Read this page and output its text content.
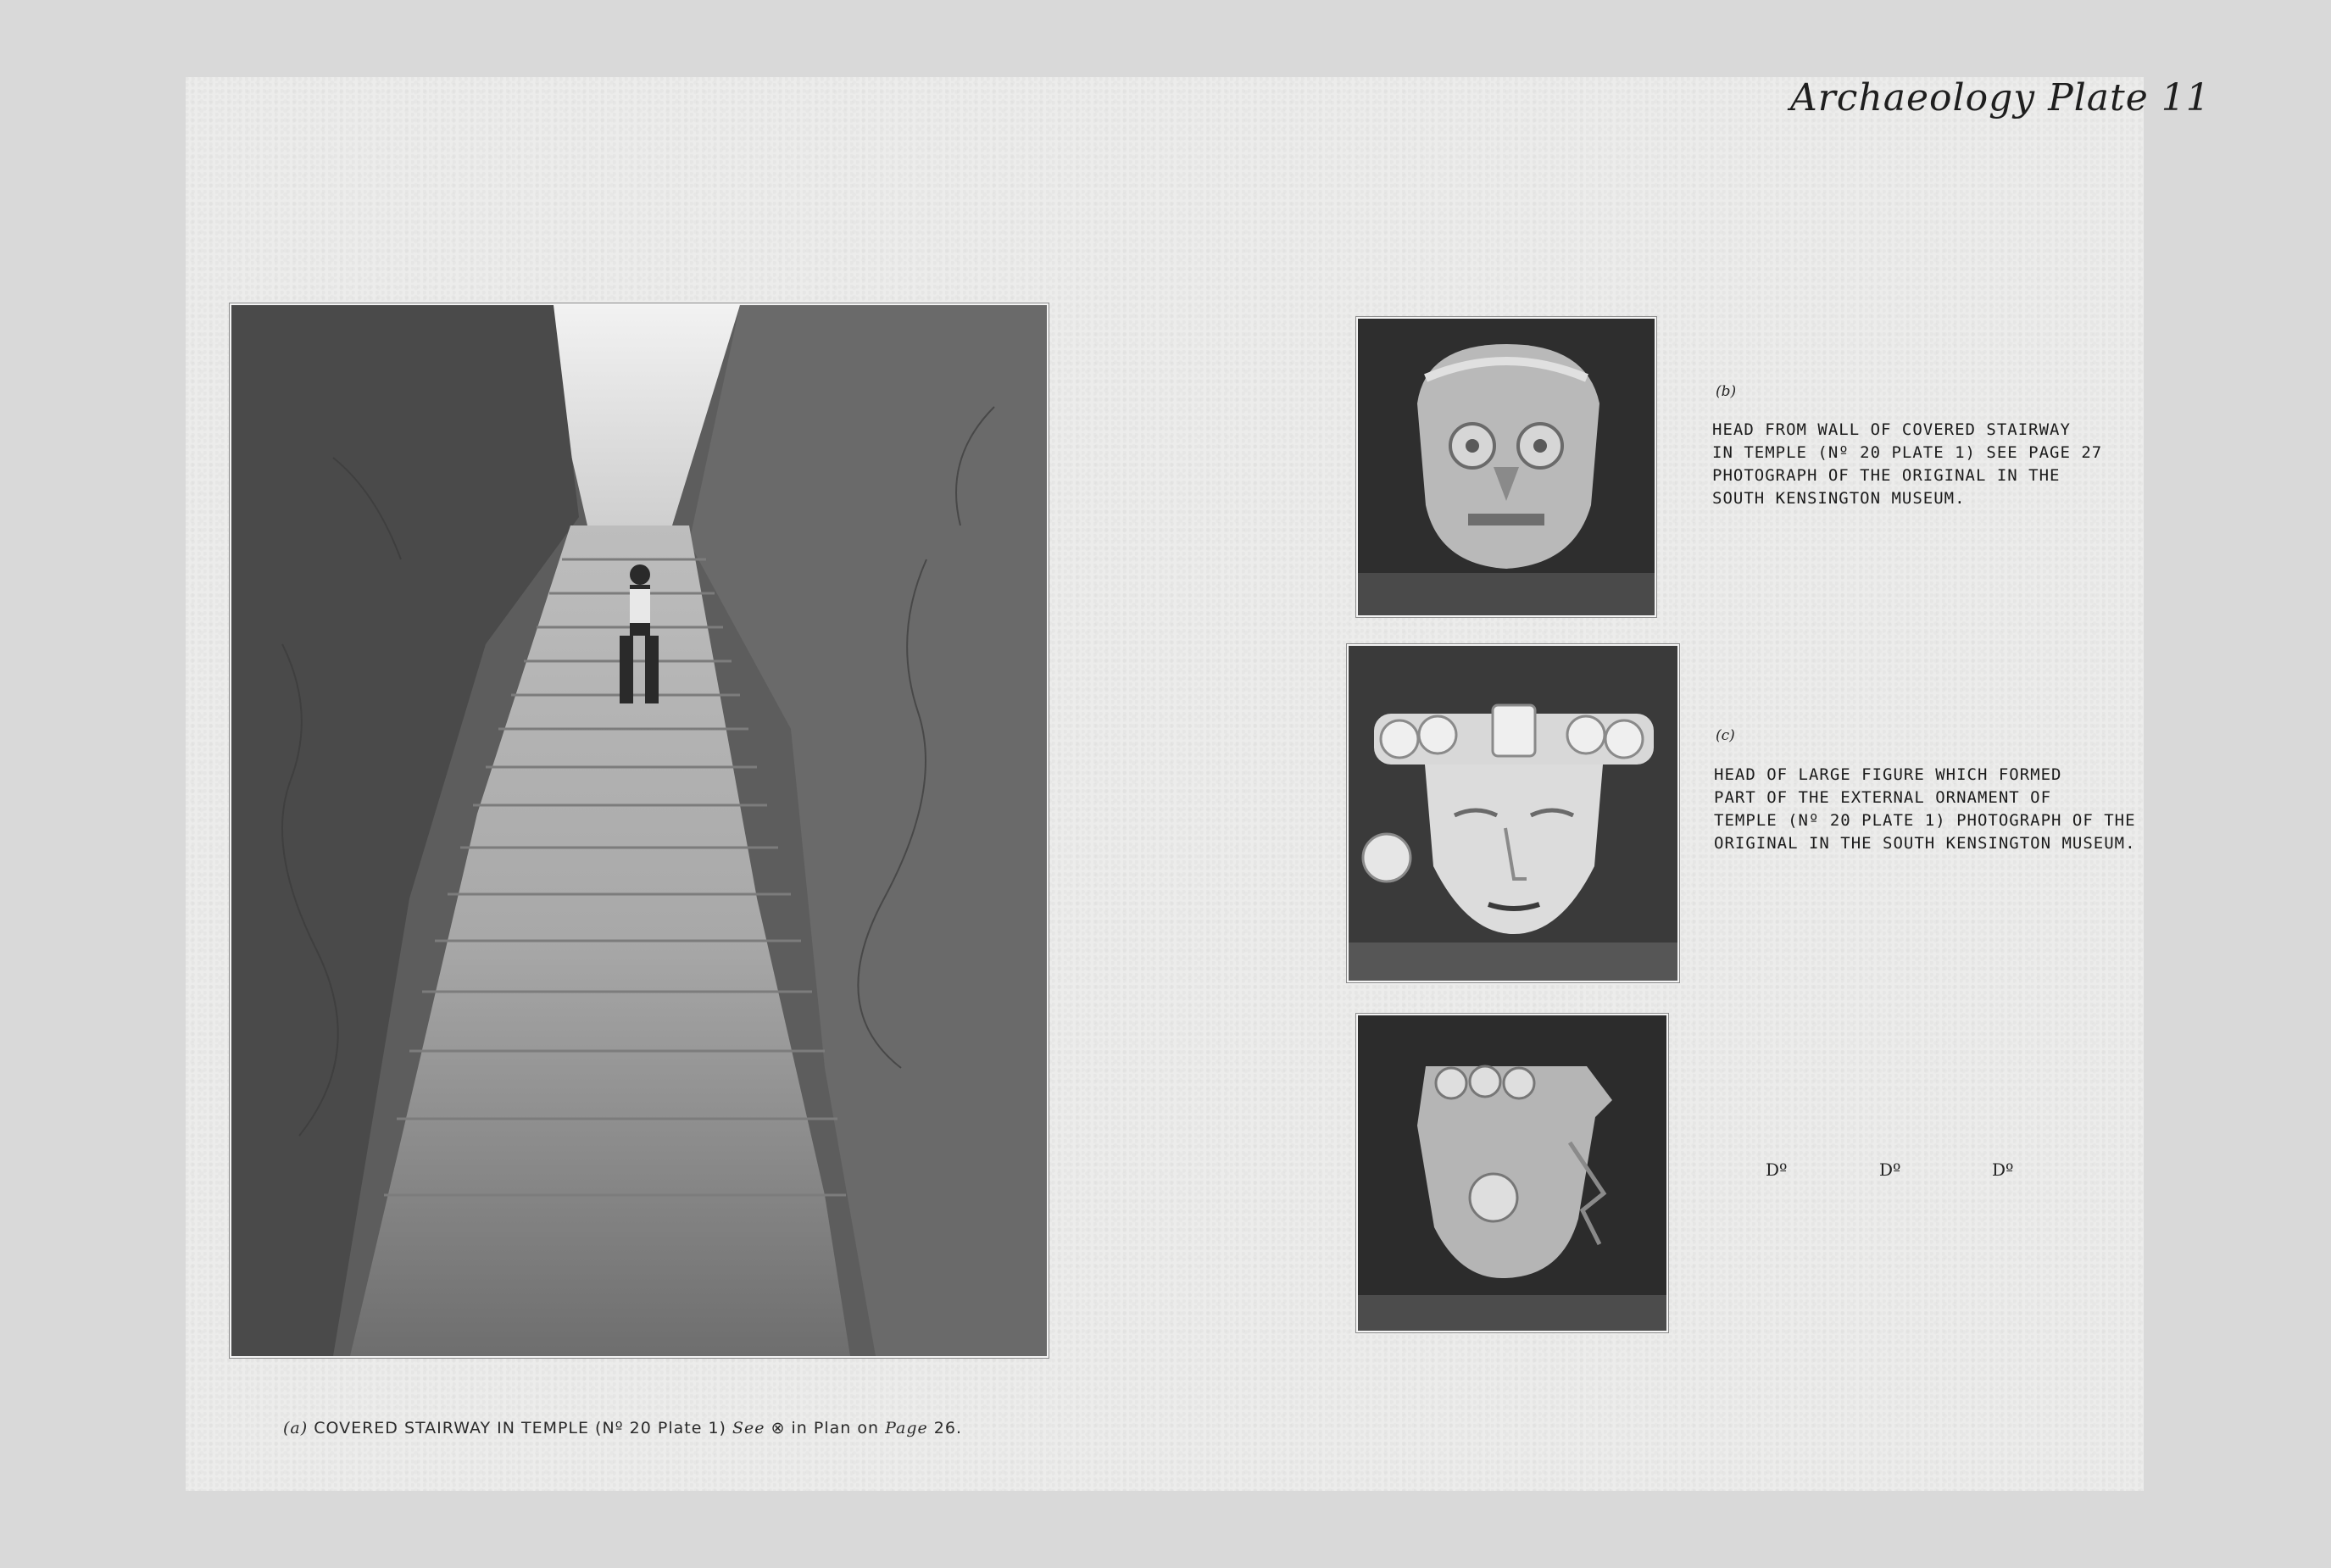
Archaeology Plate 11
(b)
HEAD FROM WALL OF COVERED STAIRWAY
IN TEMPLE (Nº 20 PLATE 1) SEE PAGE 27
PHOTOGRAPH OF THE ORIGINAL IN THE
SOUTH KENSINGTON MUSEUM.
(c)
HEAD OF LARGE FIGURE WHICH FORMED
PART OF THE EXTERNAL ORNAMENT OF
TEMPLE (Nº 20 PLATE 1) PHOTOGRAPH OF THE
ORIGINAL IN THE SOUTH KENSINGTON MUSEUM.
Dº	Dº	Dº
(a) COVERED STAIRWAY IN TEMPLE (Nº 20 Plate 1) See ⊗ in Plan on Page 26.
